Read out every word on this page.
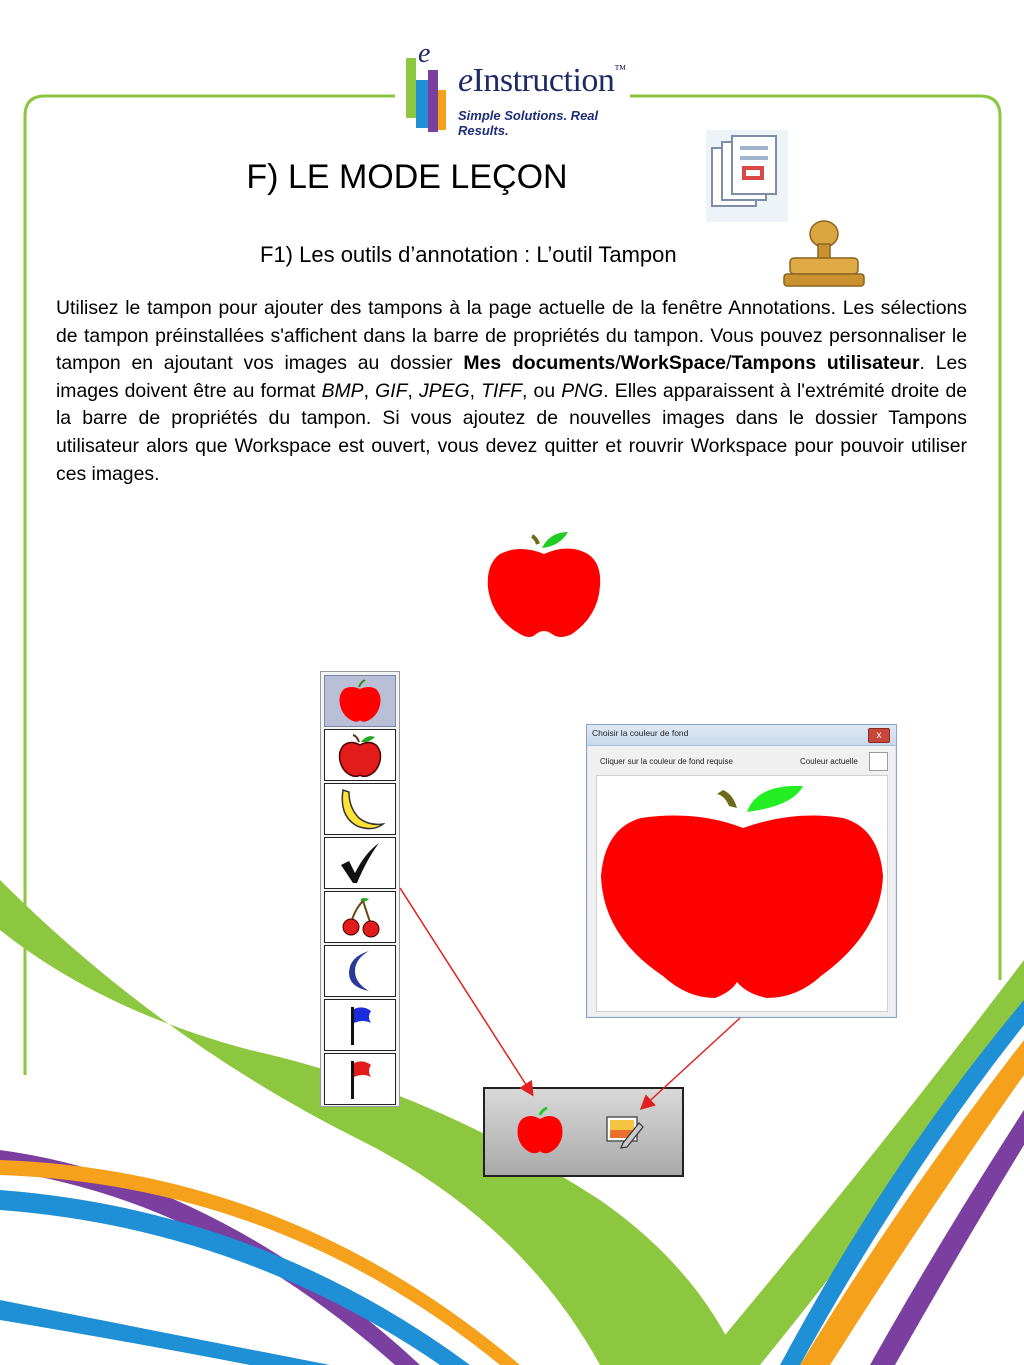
e
eInstruction™
Simple Solutions. Real Results.
F) LE MODE LEÇON
F1) Les outils d’annotation : L’outil Tampon
Utilisez le tampon pour ajouter des tampons à la page actuelle de la fenêtre Annotations. Les sélections de tampon préinstallées s'affichent dans la barre de propriétés du tampon. Vous pouvez personnaliser le tampon en ajoutant vos images au dossier Mes documents/WorkSpace/Tampons utilisateur. Les images doivent être au format BMP, GIF, JPEG, TIFF, ou PNG. Elles apparaissent à l'extrémité droite de la barre de propriétés du tampon. Si vous ajoutez de nouvelles images dans le dossier Tampons utilisateur alors que Workspace est ouvert, vous devez quitter et rouvrir Workspace pour pouvoir utiliser ces images.
Choisir la couleur de fond	x
Cliquer sur la couleur de fond requise	Couleur actuelle
